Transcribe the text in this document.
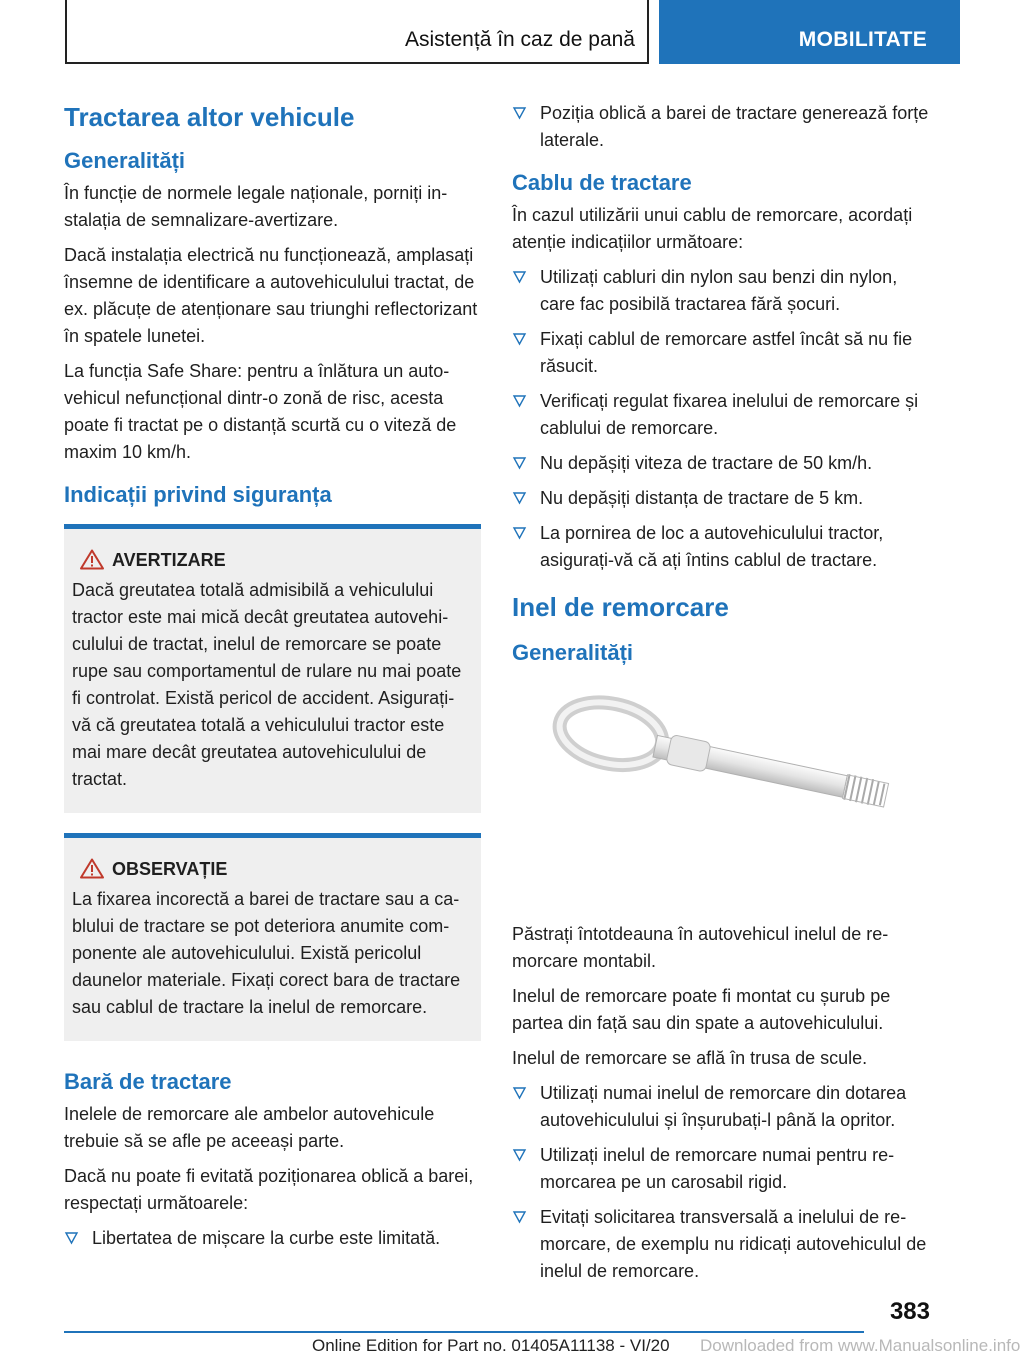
Asistență în caz de pană	MOBILITATE
Tractarea altor vehicule
Generalități

În funcție de normele legale naționale, porniți instalația de semnalizare-avertizare.

Dacă instalația electrică nu funcționează, amplasați însemne de identificare a autovehiculului tractat, de ex. plăcuțe de atenționare sau triunghi reflectorizant în spatele lunetei.

La funcția Safe Share: pentru a înlătura un autovehicul nefuncțional dintr-o zonă de risc, acesta poate fi tractat pe o distanță scurtă cu o viteză de maxim 10 km/h.

Indicații privind siguranța
AVERTIZARE

Dacă greutatea totală admisibilă a vehiculului tractor este mai mică decât greutatea autovehiculului de tractat, inelul de remorcare se poate rupe sau comportamentul de rulare nu mai poate fi controlat. Există pericol de accident. Asigurați-vă că greutatea totală a vehiculului tractor este mai mare decât greutatea autovehiculului de tractat.

OBSERVAȚIE

La fixarea incorectă a barei de tractare sau a cablului de tractare se pot deteriora anumite componente ale autovehiculului. Există pericolul daunelor materiale. Fixați corect bara de tractare sau cablul de tractare la inelul de remorcare.

Bară de tractare

Inelele de remorcare ale ambelor autovehicule trebuie să se afle pe aceeași parte.

Dacă nu poate fi evitată poziționarea oblică a barei, respectați următoarele:

Libertatea de mișcare la curbe este limitată.
Poziția oblică a barei de tractare generează forțe laterale.
Cablu de tractare

În cazul utilizării unui cablu de remorcare, acordați atenție indicațiilor următoare:

Utilizați cabluri din nylon sau benzi din nylon, care fac posibilă tractarea fără șocuri.
Fixați cablul de remorcare astfel încât să nu fie răsucit.
Verificați regulat fixarea inelului de remorcare și cablului de remorcare.
Nu depășiți viteza de tractare de 50 km/h.
Nu depășiți distanța de tractare de 5 km.
La pornirea de loc a autovehiculului tractor, asigurați-vă că ați întins cablul de tractare.
Inel de remorcare
Generalități

Păstrați întotdeauna în autovehicul inelul de remorcare montabil.

Inelul de remorcare poate fi montat cu șurub pe partea din față sau din spate a autovehiculului.

Inelul de remorcare se află în trusa de scule.

Utilizați numai inelul de remorcare din dotarea autovehiculului și înșurubați-l până la opritor.
Utilizați inelul de remorcare numai pentru remorcarea pe un carosabil rigid.
Evitați solicitarea transversală a inelului de remorcare, de exemplu nu ridicați autovehiculul de inelul de remorcare.
383
Online Edition for Part no. 01405A11138 - VI/20 Downloaded from www.Manualsonline.info
